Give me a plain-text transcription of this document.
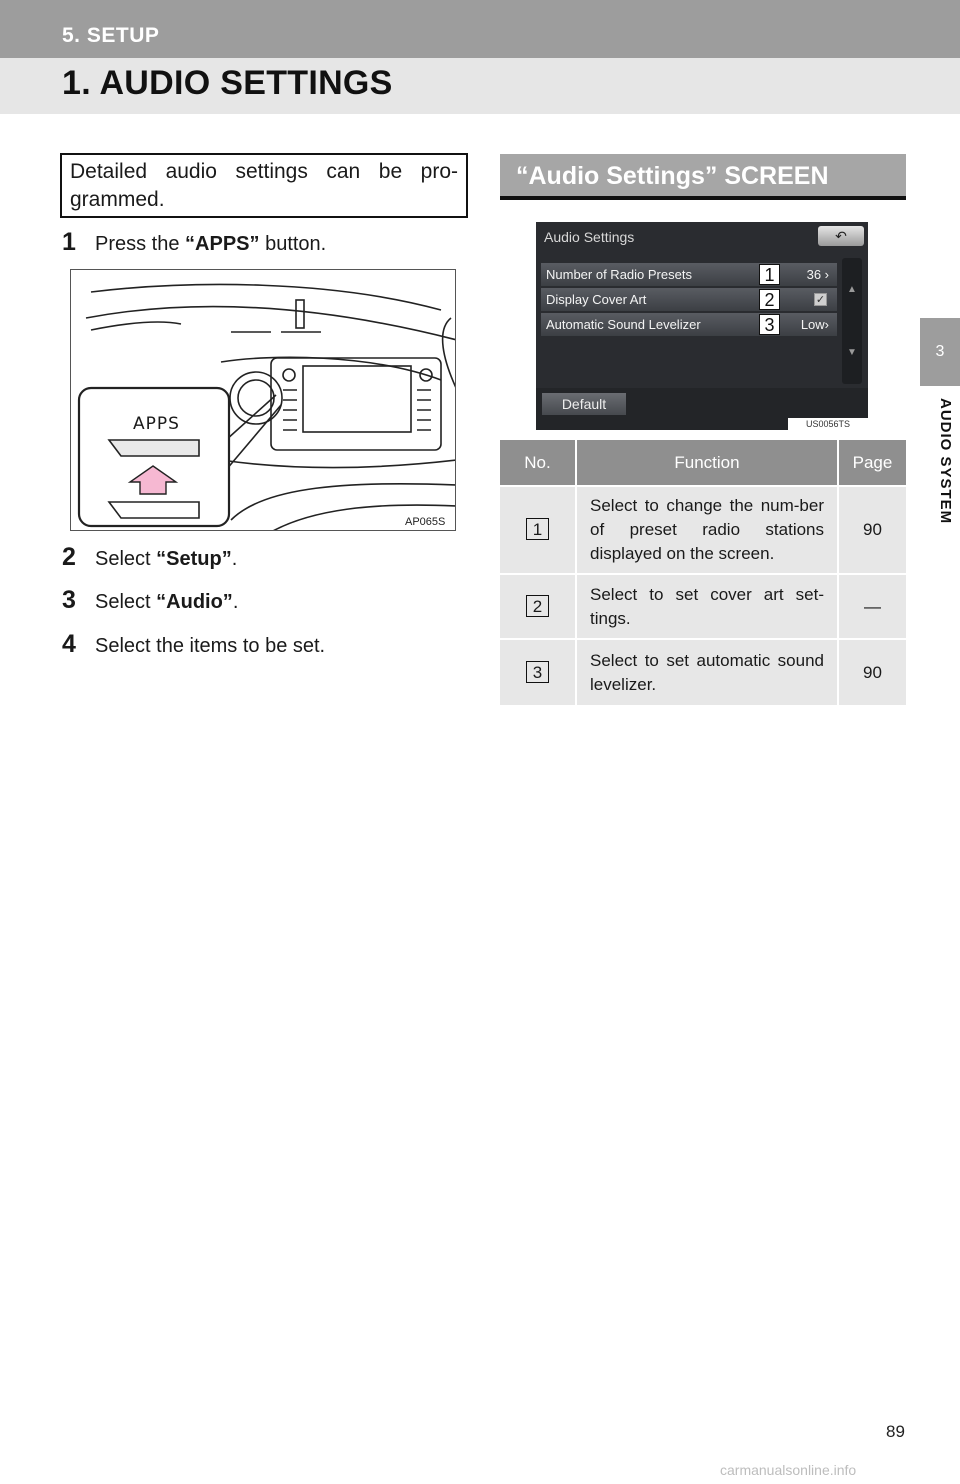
5. SETUP
1. AUDIO SETTINGS
3
AUDIO SYSTEM
Detailed audio settings can be pro-grammed.
1 Press the “APPS” button.
APPS
AP065S
2 Select “Setup” .
3 Select “Audio” .
4 Select the items to be set.
“Audio Settings” SCREEN
Audio Settings	↶
Number of Radio Presets	36 ›
Display Cover Art	✓
Automatic Sound Levelizer	Low›
1
2
3
▲
▼
Default
US0056TS
No.	Function	Page
1	Select to change the num-ber of preset radio stations displayed on the screen.	90
2	Select to set cover art set-tings.	—
3	Select to set automatic sound levelizer.	90
89
carmanualsonline.info
